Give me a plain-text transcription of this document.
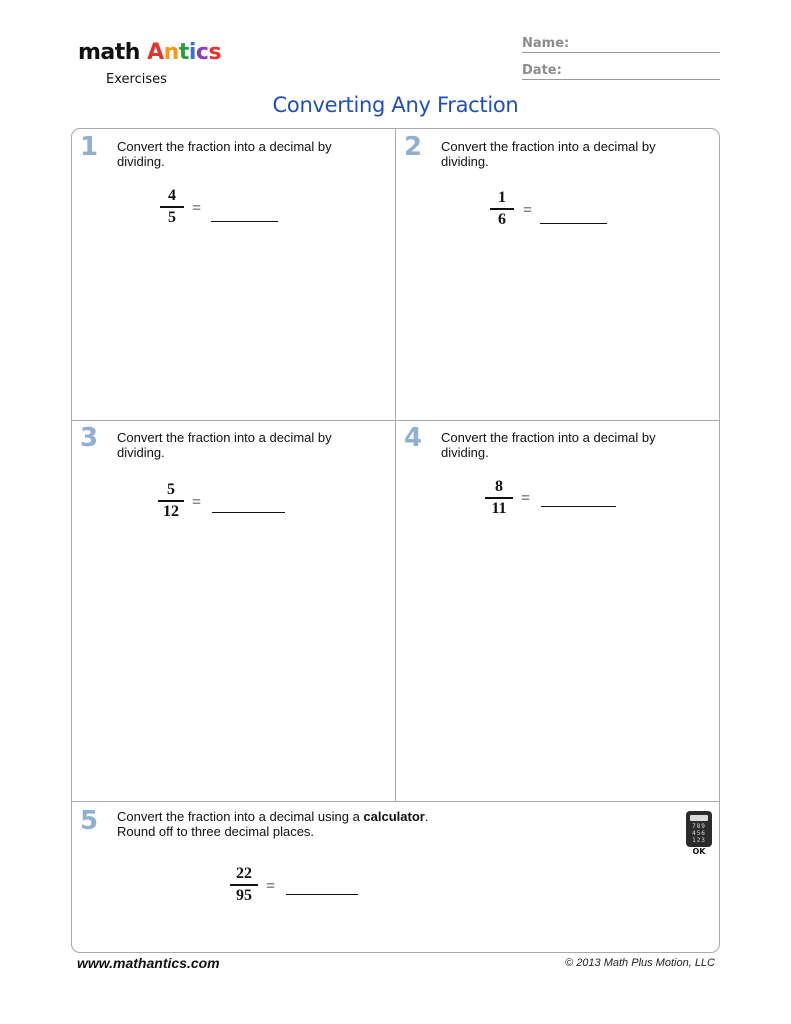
math Antics
Exercises
Name:
Date:
Converting Any Fraction
1 Convert the fraction into a decimal by dividing.
4
5	=
2 Convert the fraction into a decimal by dividing.
1
6	=
3 Convert the fraction into a decimal by dividing.
5
12 =
4 Convert the fraction into a decimal by dividing.
8
11
=
5 Convert the fraction into a decimal using a calculator.
Round off to three decimal places.
22
95 =
789 456 123
OK
www.mathantics.com	© 2013 Math Plus Motion, LLC
